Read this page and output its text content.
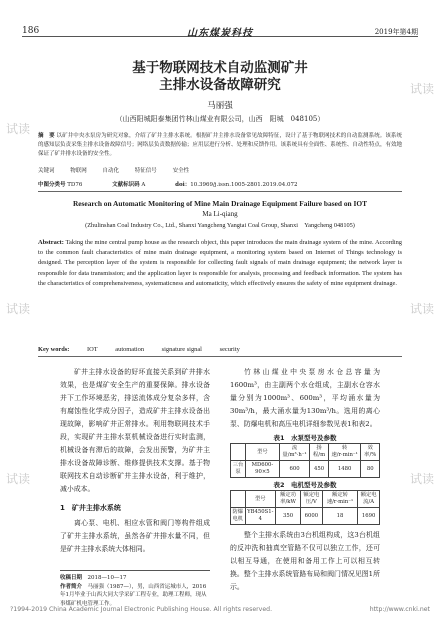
186	山东煤炭科技	2019年第4期
基于物联网技术自动监测矿井
主排水设备故障研究
马丽强
（山西阳城阳泰集团竹林山煤业有限公司，山西　阳城　048105）
摘　要 以矿井中央水泵房为研究对象，介绍了矿井主排水系统。根据矿井主排水设备常见故障特征，设计了基于物联网技术的自动监测系统。该系统的感知层负责采集主排水设备故障信号；网络层负责数据传输；应用层进行分析、处理和反馈作用。该系统具有全面性、系统性、自动性特点，有效地保证了矿井排水设备的安全性。
关键词	物联网	自动化	特征信号	安全性
中图分类号 TD76	文献标识码 A	doi：10.3969/j.issn.1005-2801.2019.04.072
Research on Automatic Monitoring of Mine Main Drainage Equipment Failure based on IOT
Ma Li-qiang
(Zhulinshan Coal Industry Co., Ltd., Shanxi Yangcheng Yangtai Coal Group, Shanxi　Yangcheng 048105)
Abstract: Taking the mine central pump house as the research object, this paper introduces the main drainage system of the mine. According to the common fault characteristics of mine main drainage equipment, a monitoring system based on Internet of Things technology is designed. The perception layer of the system is responsible for collecting fault signals of main drainage equipment; the network layer is responsible for data transmission; and the application layer is responsible for analysis, processing and feedback information. The system has the characteristics of comprehensiveness, systematicness and automaticity, which effectively ensures the safety of mine equipment drainage.
Key words:	IOT	automation	signature signal	security

矿井主排水设备的好坏直接关系到矿井排水效果，也是煤矿安全生产的重要保障。排水设备并下工作环境恶劣，排送流体成分复杂多样，含有腐蚀性化学成分因子，造成矿井主排水设备出现故障，影响矿井正常排水。利用物联网技术手段，实现矿井主排水泵机械设备进行实时监测，机械设备有滞后的故障，会发出预警，为矿井主排水设备故障诊断、维修提供技术支撑。基于物联网技术自动诊断矿井主排水设备，利于维护，减小成本。

1　矿井主排水系统

离心泵、电机、相应水管和阀门等构件组成了矿井主排水系统，虽然各矿井排水量不同，但是矿井主排水系统大体相同。

收稿日期　 2018—10—17
作者简介　 马丽强（1987—），男，山西省运城市人，2016年1月毕业于山西大同大学采矿工程专业，助理工程师，现从事煤矿机电管理工作。

竹林山煤业中央泵房水仓总容量为1600m³，由主副两个水仓组成，主副水仓容水量分别为1000m³、600m³，平均涌水量为30m³/h，最大涌水量为130m³/h。选用的离心泵、防爆电机和高压电机详细参数见表1和表2。

表1　水泵型号及参数
	型号	流量/m³·h⁻¹	扬程/m	转速/r·min⁻¹	效率/%
三台泵	MD600-90×5	600	450	1480	80
表2　电机型号及参数
	型号	额定功率/kW	额定电压/V	额定转速/r·min⁻¹	额定电流/A
防爆电机	YB450S1-4	350	6000	18	1690

整个主排水系统由3台机组构成，这3台机组的反冲洗和抽真空管路不仅可以独立工作，还可以相互导通，在使用和备用工作上可以相互转换。整个主排水系统管路布局和阀门情况见图1所示。

试读
试读
试读
试读
试读
试读
?1994-2019 China Academic Journal Electronic Publishing House. All rights reserved.	http://www.cnki.net
